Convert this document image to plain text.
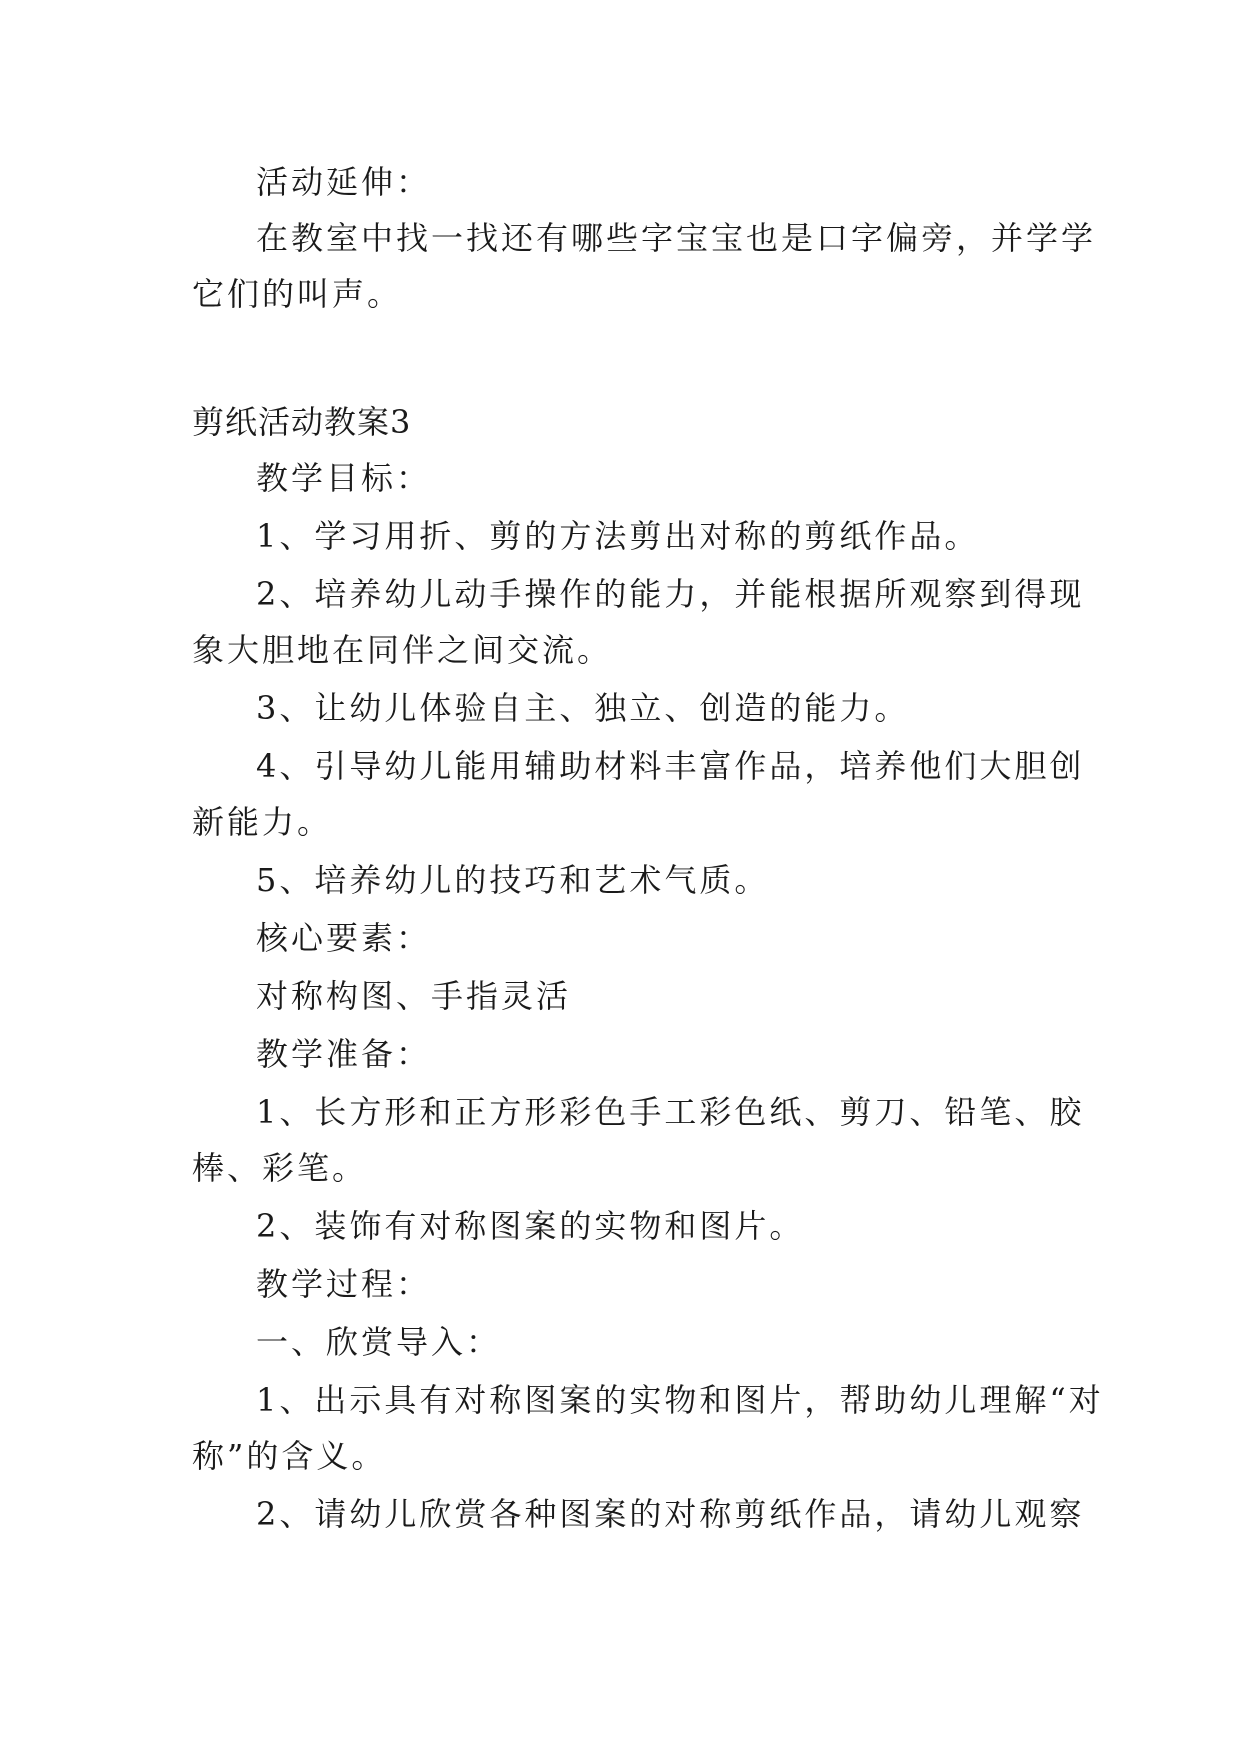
活动延伸：
在教室中找一找还有哪些字宝宝也是口字偏旁，并学学
它们的叫声。
剪纸活动教案3
教学目标：
1、学习用折、剪的方法剪出对称的剪纸作品。
2、培养幼儿动手操作的能力，并能根据所观察到得现
象大胆地在同伴之间交流。
3、让幼儿体验自主、独立、创造的能力。
4、引导幼儿能用辅助材料丰富作品，培养他们大胆创
新能力。
5、培养幼儿的技巧和艺术气质。
核心要素：
对称构图、手指灵活
教学准备：
1、长方形和正方形彩色手工彩色纸、剪刀、铅笔、胶
棒、彩笔。
2、装饰有对称图案的实物和图片。
教学过程：
一、欣赏导入：
1、出示具有对称图案的实物和图片，帮助幼儿理解“对
称”的含义。
2、请幼儿欣赏各种图案的对称剪纸作品，请幼儿观察
